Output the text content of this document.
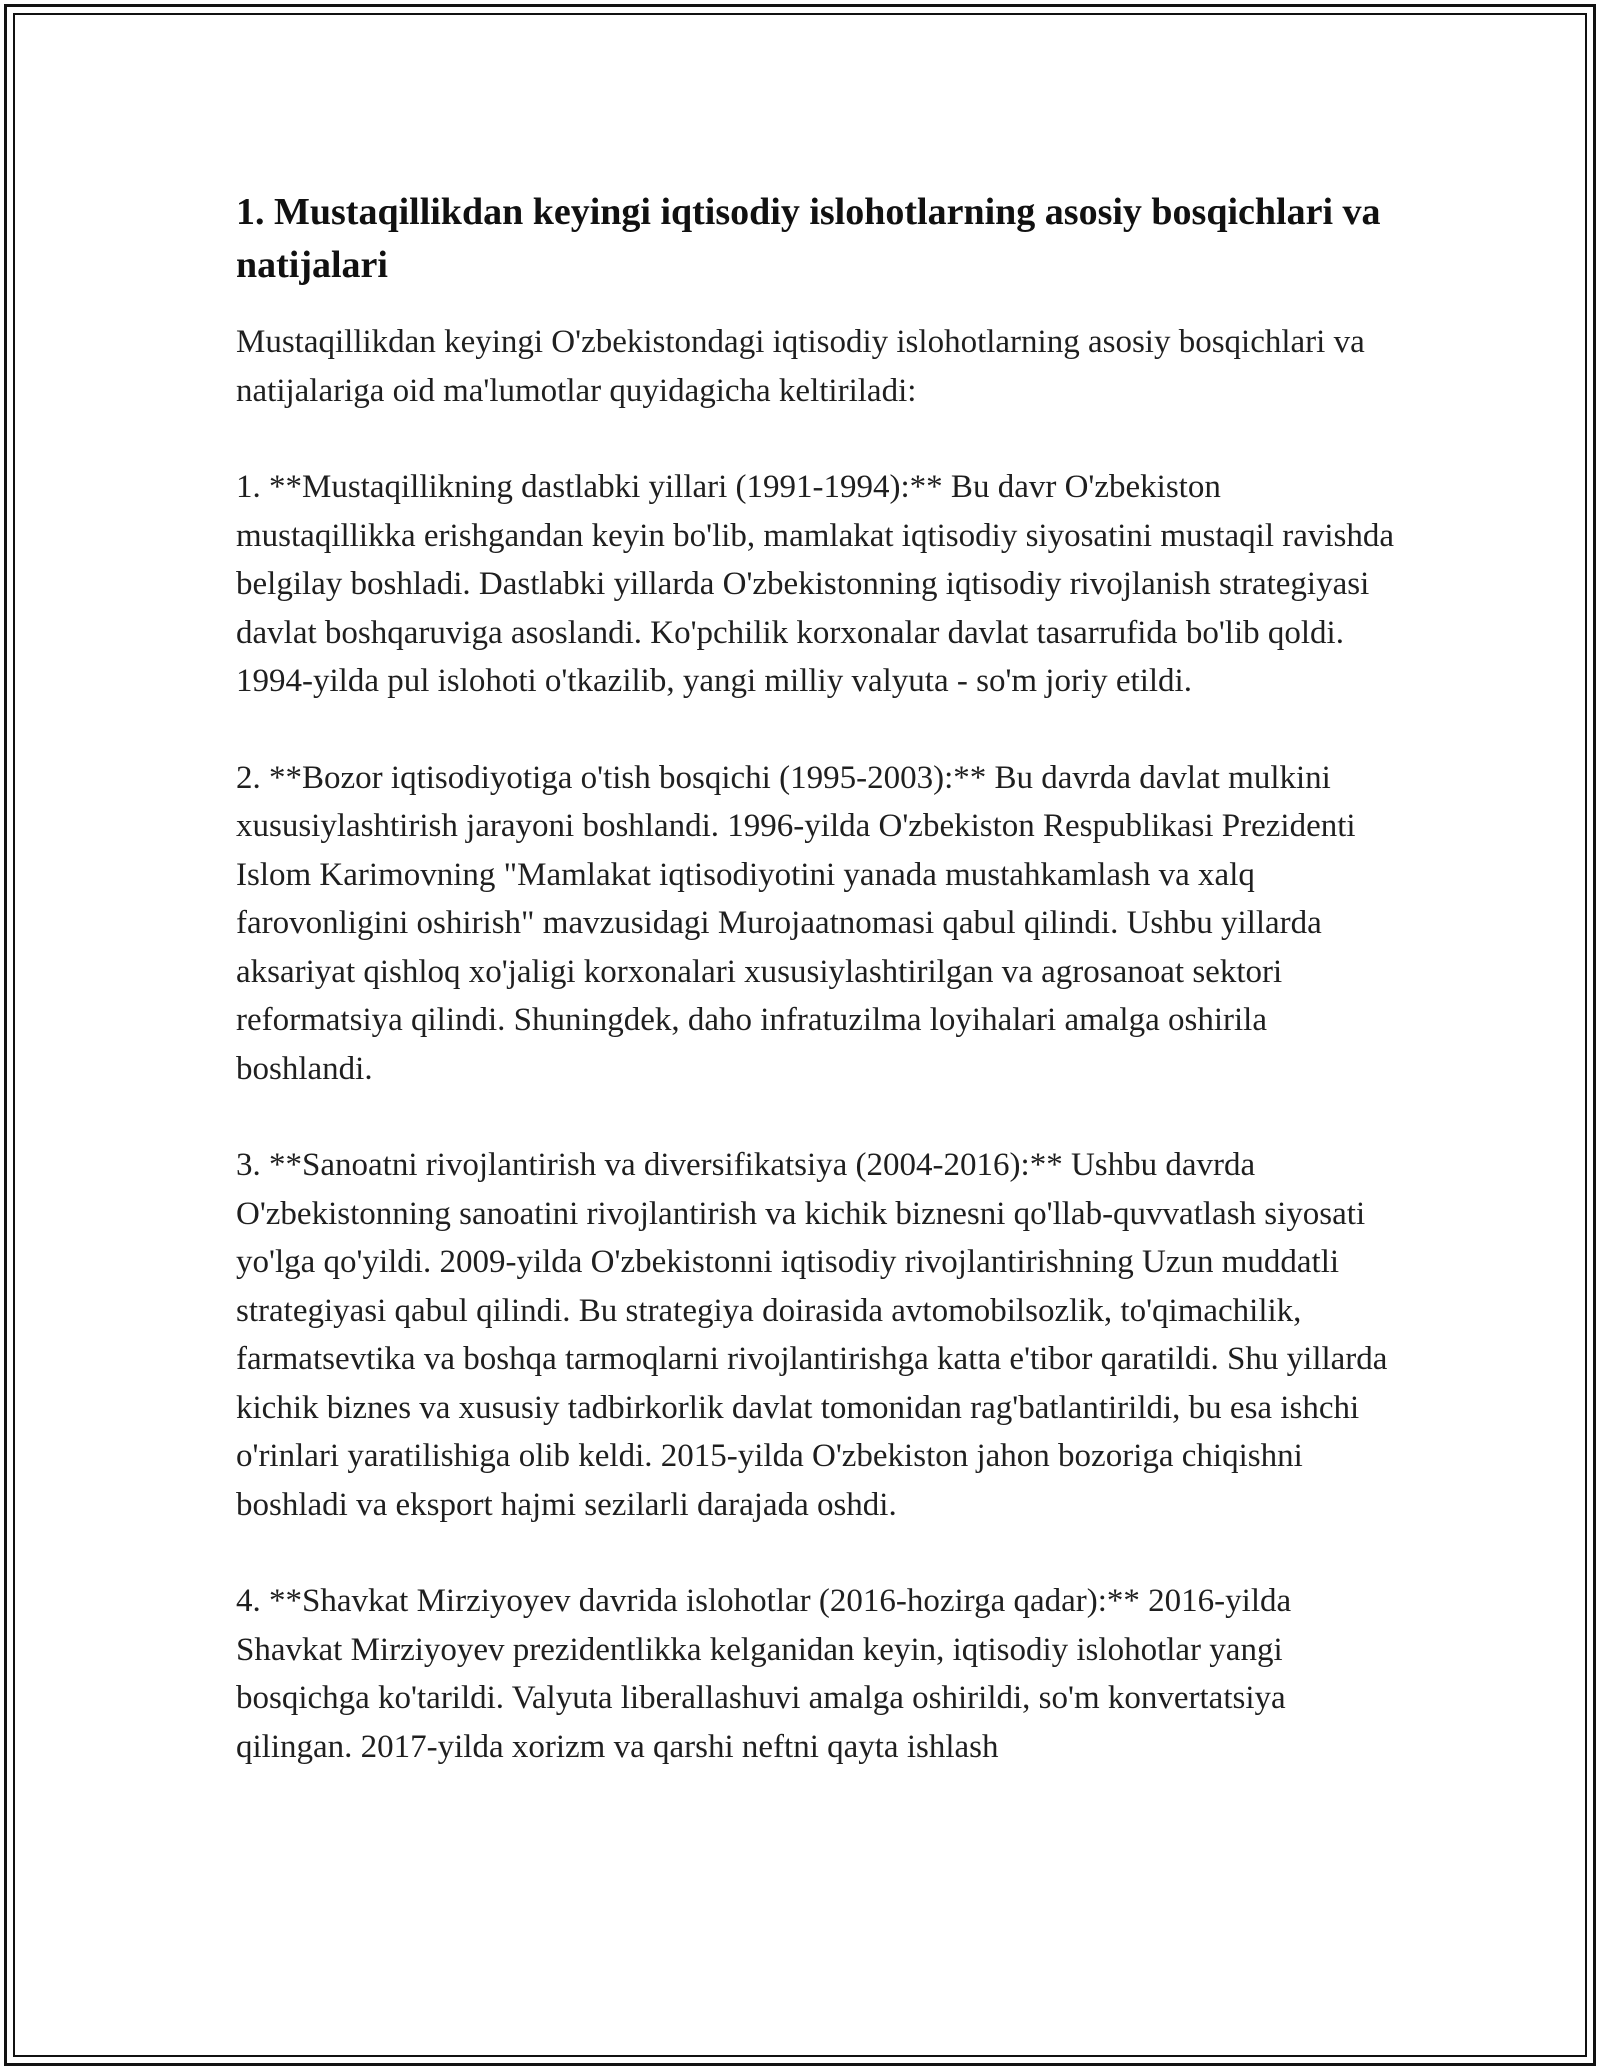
1. Mustaqillikdan keyingi iqtisodiy islohotlarning asosiy bosqichlari va natijalari

Mustaqillikdan keyingi O'zbekistondagi iqtisodiy islohotlarning asosiy bosqichlari va natijalariga oid ma'lumotlar quyidagicha keltiriladi:

1. **Mustaqillikning dastlabki yillari (1991-1994):** Bu davr O'zbekiston mustaqillikka erishgandan keyin bo'lib, mamlakat iqtisodiy siyosatini mustaqil ravishda belgilay boshladi. Dastlabki yillarda O'zbekistonning iqtisodiy rivojlanish strategiyasi davlat boshqaruviga asoslandi. Ko'pchilik korxonalar davlat tasarrufida bo'lib qoldi. 1994-yilda pul islohoti o'tkazilib, yangi milliy valyuta - so'm joriy etildi.

2. **Bozor iqtisodiyotiga o'tish bosqichi (1995-2003):** Bu davrda davlat mulkini xususiylashtirish jarayoni boshlandi. 1996-yilda O'zbekiston Respublikasi Prezidenti Islom Karimovning "Mamlakat iqtisodiyotini yanada mustahkamlash va xalq farovonligini oshirish" mavzusidagi Murojaatnomasi qabul qilindi. Ushbu yillarda aksariyat qishloq xo'jaligi korxonalari xususiylashtirilgan va agrosanoat sektori reformatsiya qilindi. Shuningdek, daho infratuzilma loyihalari amalga oshirila boshlandi.

3. **Sanoatni rivojlantirish va diversifikatsiya (2004-2016):** Ushbu davrda O'zbekistonning sanoatini rivojlantirish va kichik biznesni qo'llab-quvvatlash siyosati yo'lga qo'yildi. 2009-yilda O'zbekistonni iqtisodiy rivojlantirishning Uzun muddatli strategiyasi qabul qilindi. Bu strategiya doirasida avtomobilsozlik, to'qimachilik, farmatsevtika va boshqa tarmoqlarni rivojlantirishga katta e'tibor qaratildi. Shu yillarda kichik biznes va xususiy tadbirkorlik davlat tomonidan rag'batlantirildi, bu esa ishchi o'rinlari yaratilishiga olib keldi. 2015-yilda O'zbekiston jahon bozoriga chiqishni boshladi va eksport hajmi sezilarli darajada oshdi.

4. **Shavkat Mirziyoyev davrida islohotlar (2016-hozirga qadar):** 2016-yilda Shavkat Mirziyoyev prezidentlikka kelganidan keyin, iqtisodiy islohotlar yangi bosqichga ko'tarildi. Valyuta liberallashuvi amalga oshirildi, so'm konvertatsiya qilingan. 2017-yilda xorizm va qarshi neftni qayta ishlash
